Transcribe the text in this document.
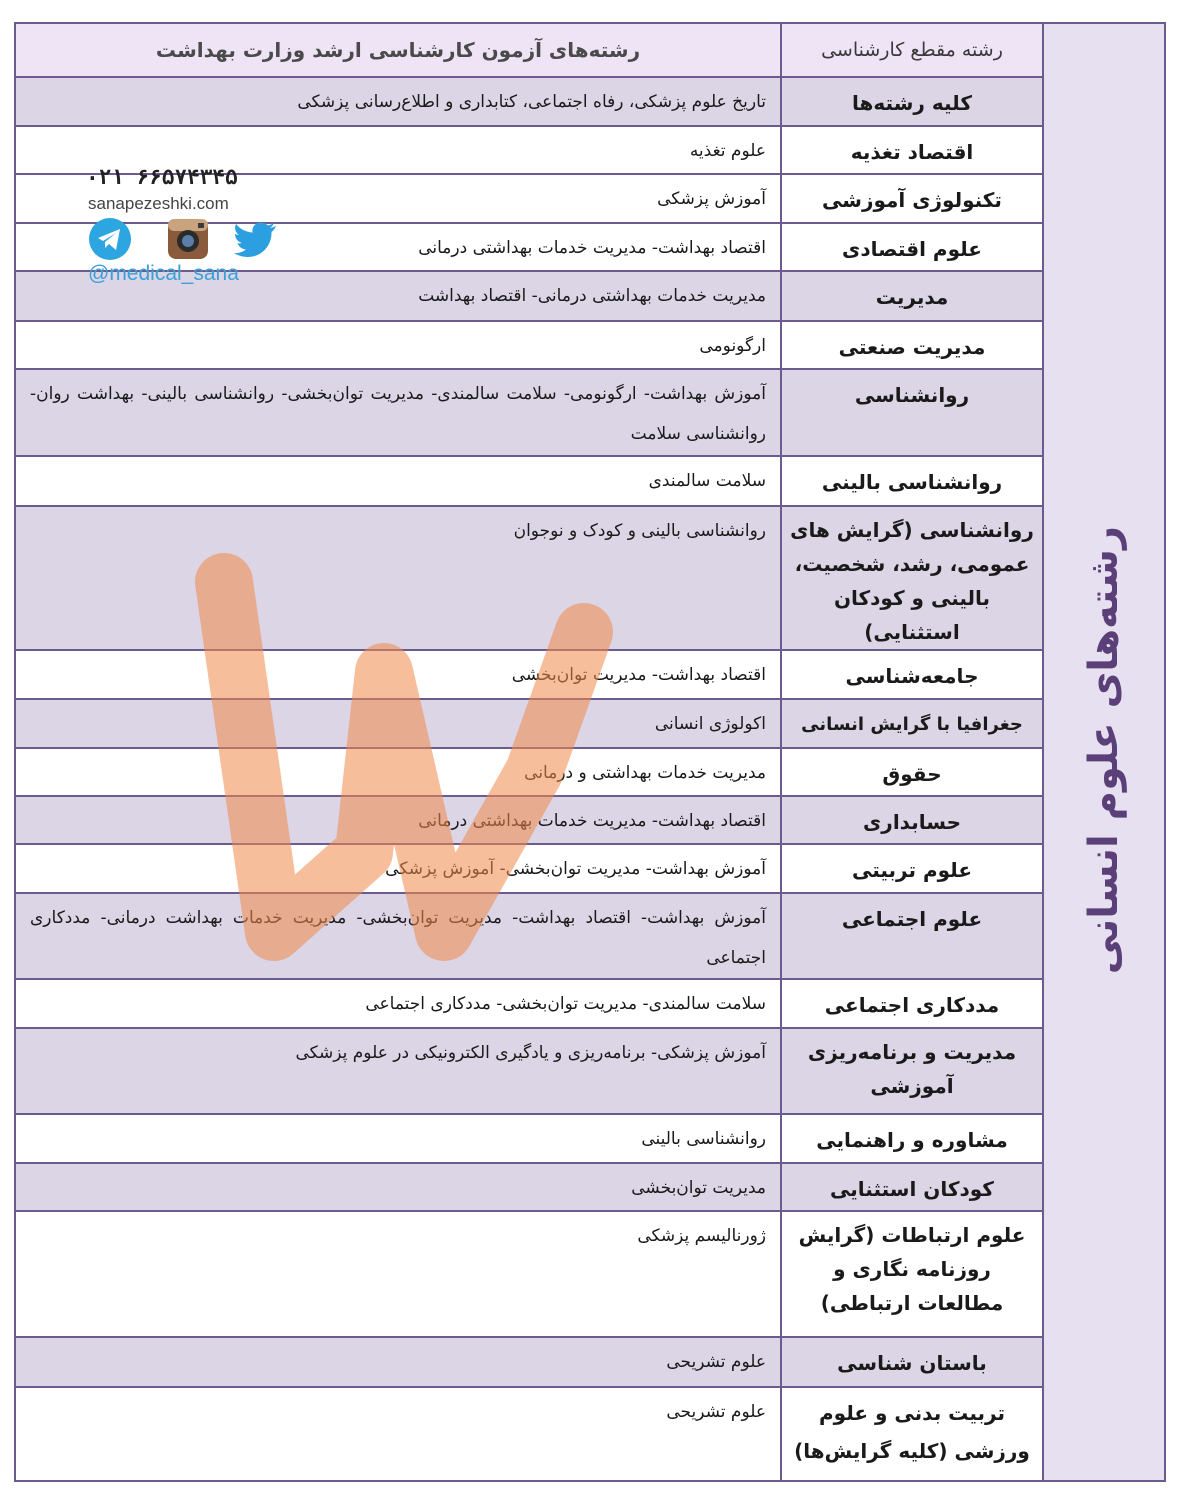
رشته‌های علوم انسانی	رشته مقطع کارشناسی	رشته‌های آزمون کارشناسی ارشد وزارت بهداشت
	کلیه رشته‌ها	تاریخ علوم پزشکی، رفاه اجتماعی، کتابداری و اطلاع‌رسانی پزشکی
	اقتصاد تغذیه	علوم تغذیه
	تکنولوژی آموزشی	آموزش پزشکی
	علوم اقتصادی	اقتصاد بهداشت- مدیریت خدمات بهداشتی درمانی
	مدیریت	مدیریت خدمات بهداشتی درمانی- اقتصاد بهداشت
	مدیریت صنعتی	ارگونومی
	روانشناسی	آموزش بهداشت- ارگونومی- سلامت سالمندی- مدیریت توان‌بخشی- روانشناسی بالینی- بهداشت روان- روانشناسی سلامت
	روانشناسی بالینی	سلامت سالمندی
	روانشناسی (گرایش های عمومی، رشد، شخصیت، بالینی و کودکان استثنایی)	روانشناسی بالینی و کودک و نوجوان
	جامعه‌شناسی	اقتصاد بهداشت- مدیریت توان‌بخشی
	جغرافیا با گرایش انسانی	اکولوژی انسانی
	حقوق	مدیریت خدمات بهداشتی و درمانی
	حسابداری	اقتصاد بهداشت- مدیریت خدمات بهداشتی درمانی
	علوم تربیتی	آموزش بهداشت- مدیریت توان‌بخشی- آموزش پزشکی
	علوم اجتماعی	آموزش بهداشت- اقتصاد بهداشت- مدیریت توان‌بخشی- مدیریت خدمات بهداشت درمانی- مددکاری اجتماعی
	مددکاری اجتماعی	سلامت سالمندی- مدیریت توان‌بخشی- مددکاری اجتماعی
	مدیریت و برنامه‌ریزی آموزشی	آموزش پزشکی- برنامه‌ریزی و یادگیری الکترونیکی در علوم پزشکی
	مشاوره و راهنمایی	روانشناسی بالینی
	کودکان استثنایی	مدیریت توان‌بخشی
	علوم ارتباطات (گرایش روزنامه نگاری و مطالعات ارتباطی)	ژورنالیسم پزشکی
	باستان شناسی	علوم تشریحی
	تربیت بدنی و علوم ورزشی (کلیه گرایش‌ها)	علوم تشریحی
۰۲۱ ۶۶۵۷۴۳۴۵
sanapezeshki.com
@medical_sana
